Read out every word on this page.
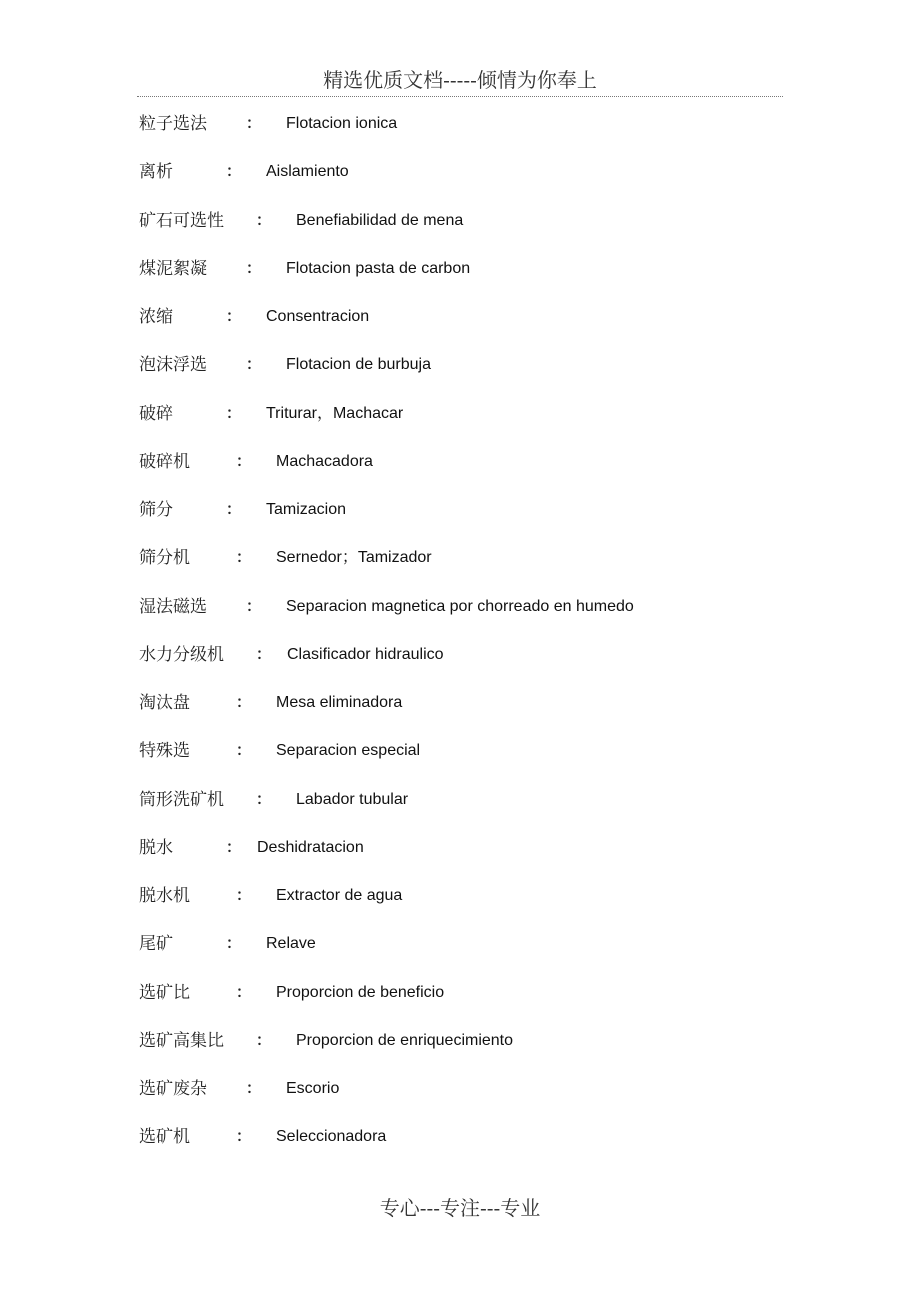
精选优质文档-----倾情为你奉上
粒子选法	： Flotacion ionica
离析	： Aislamiento
矿石可选性 ： Benefiabilidad de mena
煤泥絮凝	： Flotacion pasta de carbon
浓缩	： Consentracion
泡沫浮选	： Flotacion de burbuja
破碎	： Triturar，Machacar
破碎机	： Machacadora
筛分	： Tamizacion
筛分机	： Sernedor；Tamizador
湿法磁选	： Separacion magnetica por chorreado en humedo
水力分级机 ： Clasificador hidraulico
淘汰盘	： Mesa eliminadora
特殊选	： Separacion especial
筒形洗矿机 ： Labador tubular
脱水	： Deshidratacion
脱水机	： Extractor de agua
尾矿	： Relave
选矿比	： Proporcion de beneficio
选矿高集比 ： Proporcion de enriquecimiento
选矿废杂	： Escorio
选矿机	： Seleccionadora
专心---专注---专业
